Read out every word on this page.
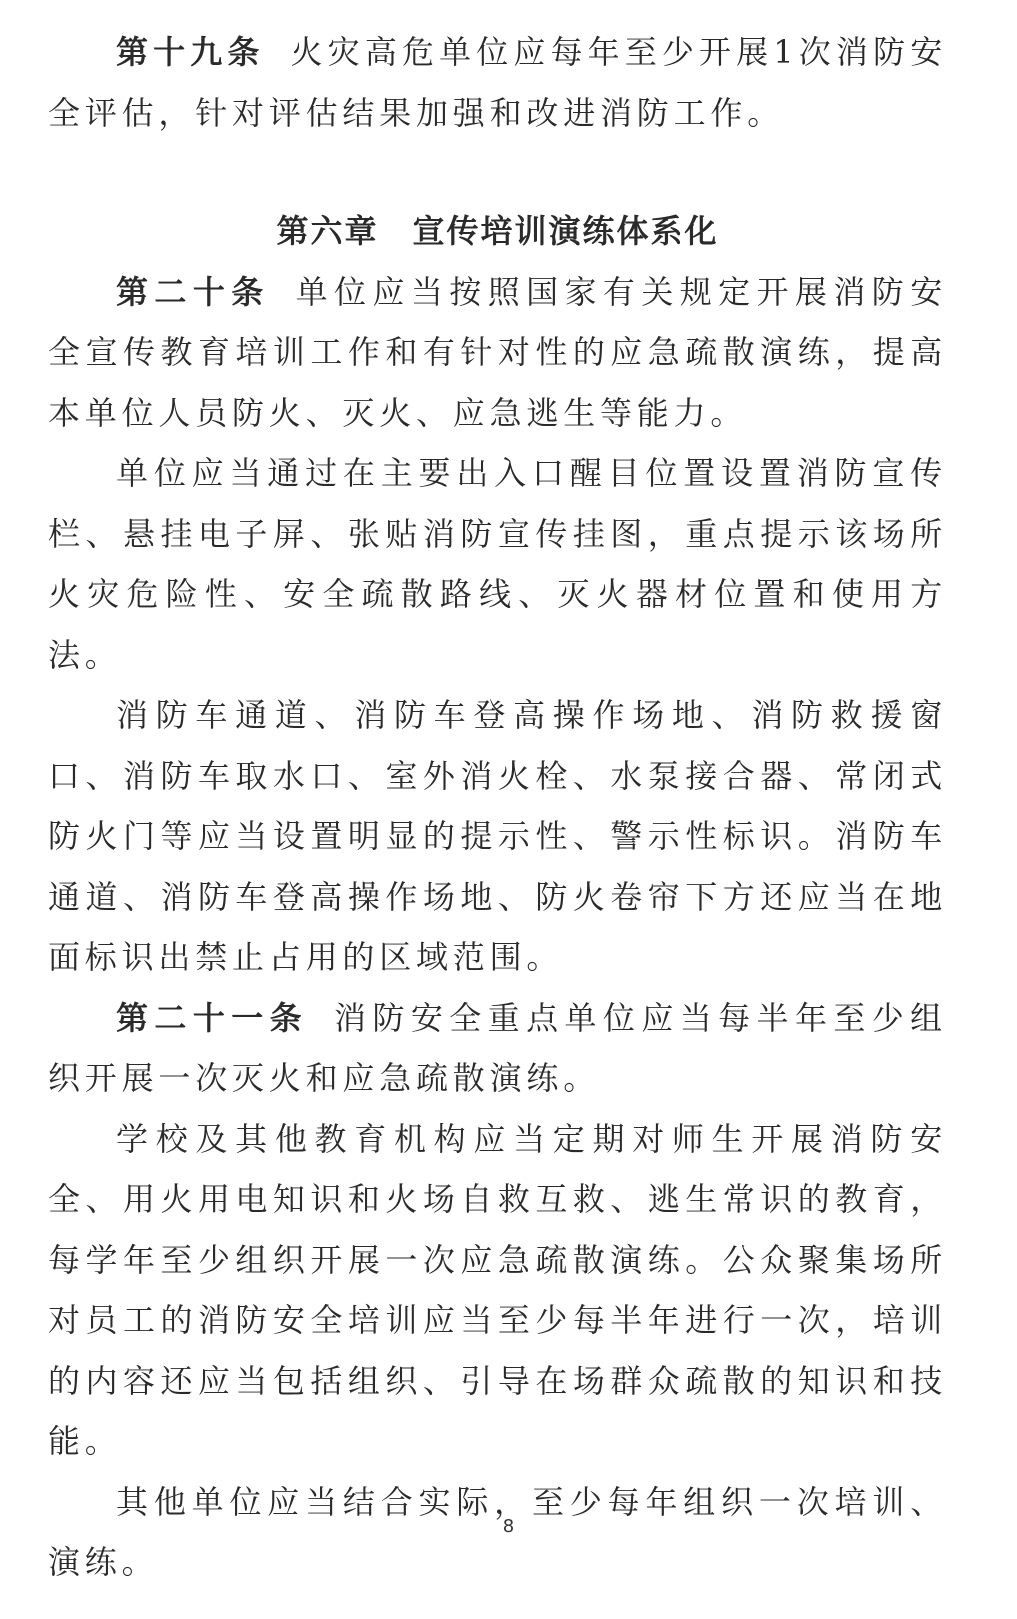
第十九条 火灾高危单位应每年至少开展1次消防安全评估，针对评估结果加强和改进消防工作。

第六章 宣传培训演练体系化

第二十条 单位应当按照国家有关规定开展消防安全宣传教育培训工作和有针对性的应急疏散演练，提高本单位人员防火、灭火、应急逃生等能力。

单位应当通过在主要出入口醒目位置设置消防宣传栏、悬挂电子屏、张贴消防宣传挂图，重点提示该场所火灾危险性、安全疏散路线、灭火器材位置和使用方法。

消防车通道、消防车登高操作场地、消防救援窗口、消防车取水口、室外消火栓、水泵接合器、常闭式防火门等应当设置明显的提示性、警示性标识。消防车通道、消防车登高操作场地、防火卷帘下方还应当在地面标识出禁止占用的区域范围。

第二十一条 消防安全重点单位应当每半年至少组织开展一次灭火和应急疏散演练。

学校及其他教育机构应当定期对师生开展消防安全、用火用电知识和火场自救互救、逃生常识的教育，每学年至少组织开展一次应急疏散演练。公众聚集场所对员工的消防安全培训应当至少每半年进行一次，培训的内容还应当包括组织、引导在场群众疏散的知识和技能。

其他单位应当结合实际，至少每年组织一次培训、演练。

8
